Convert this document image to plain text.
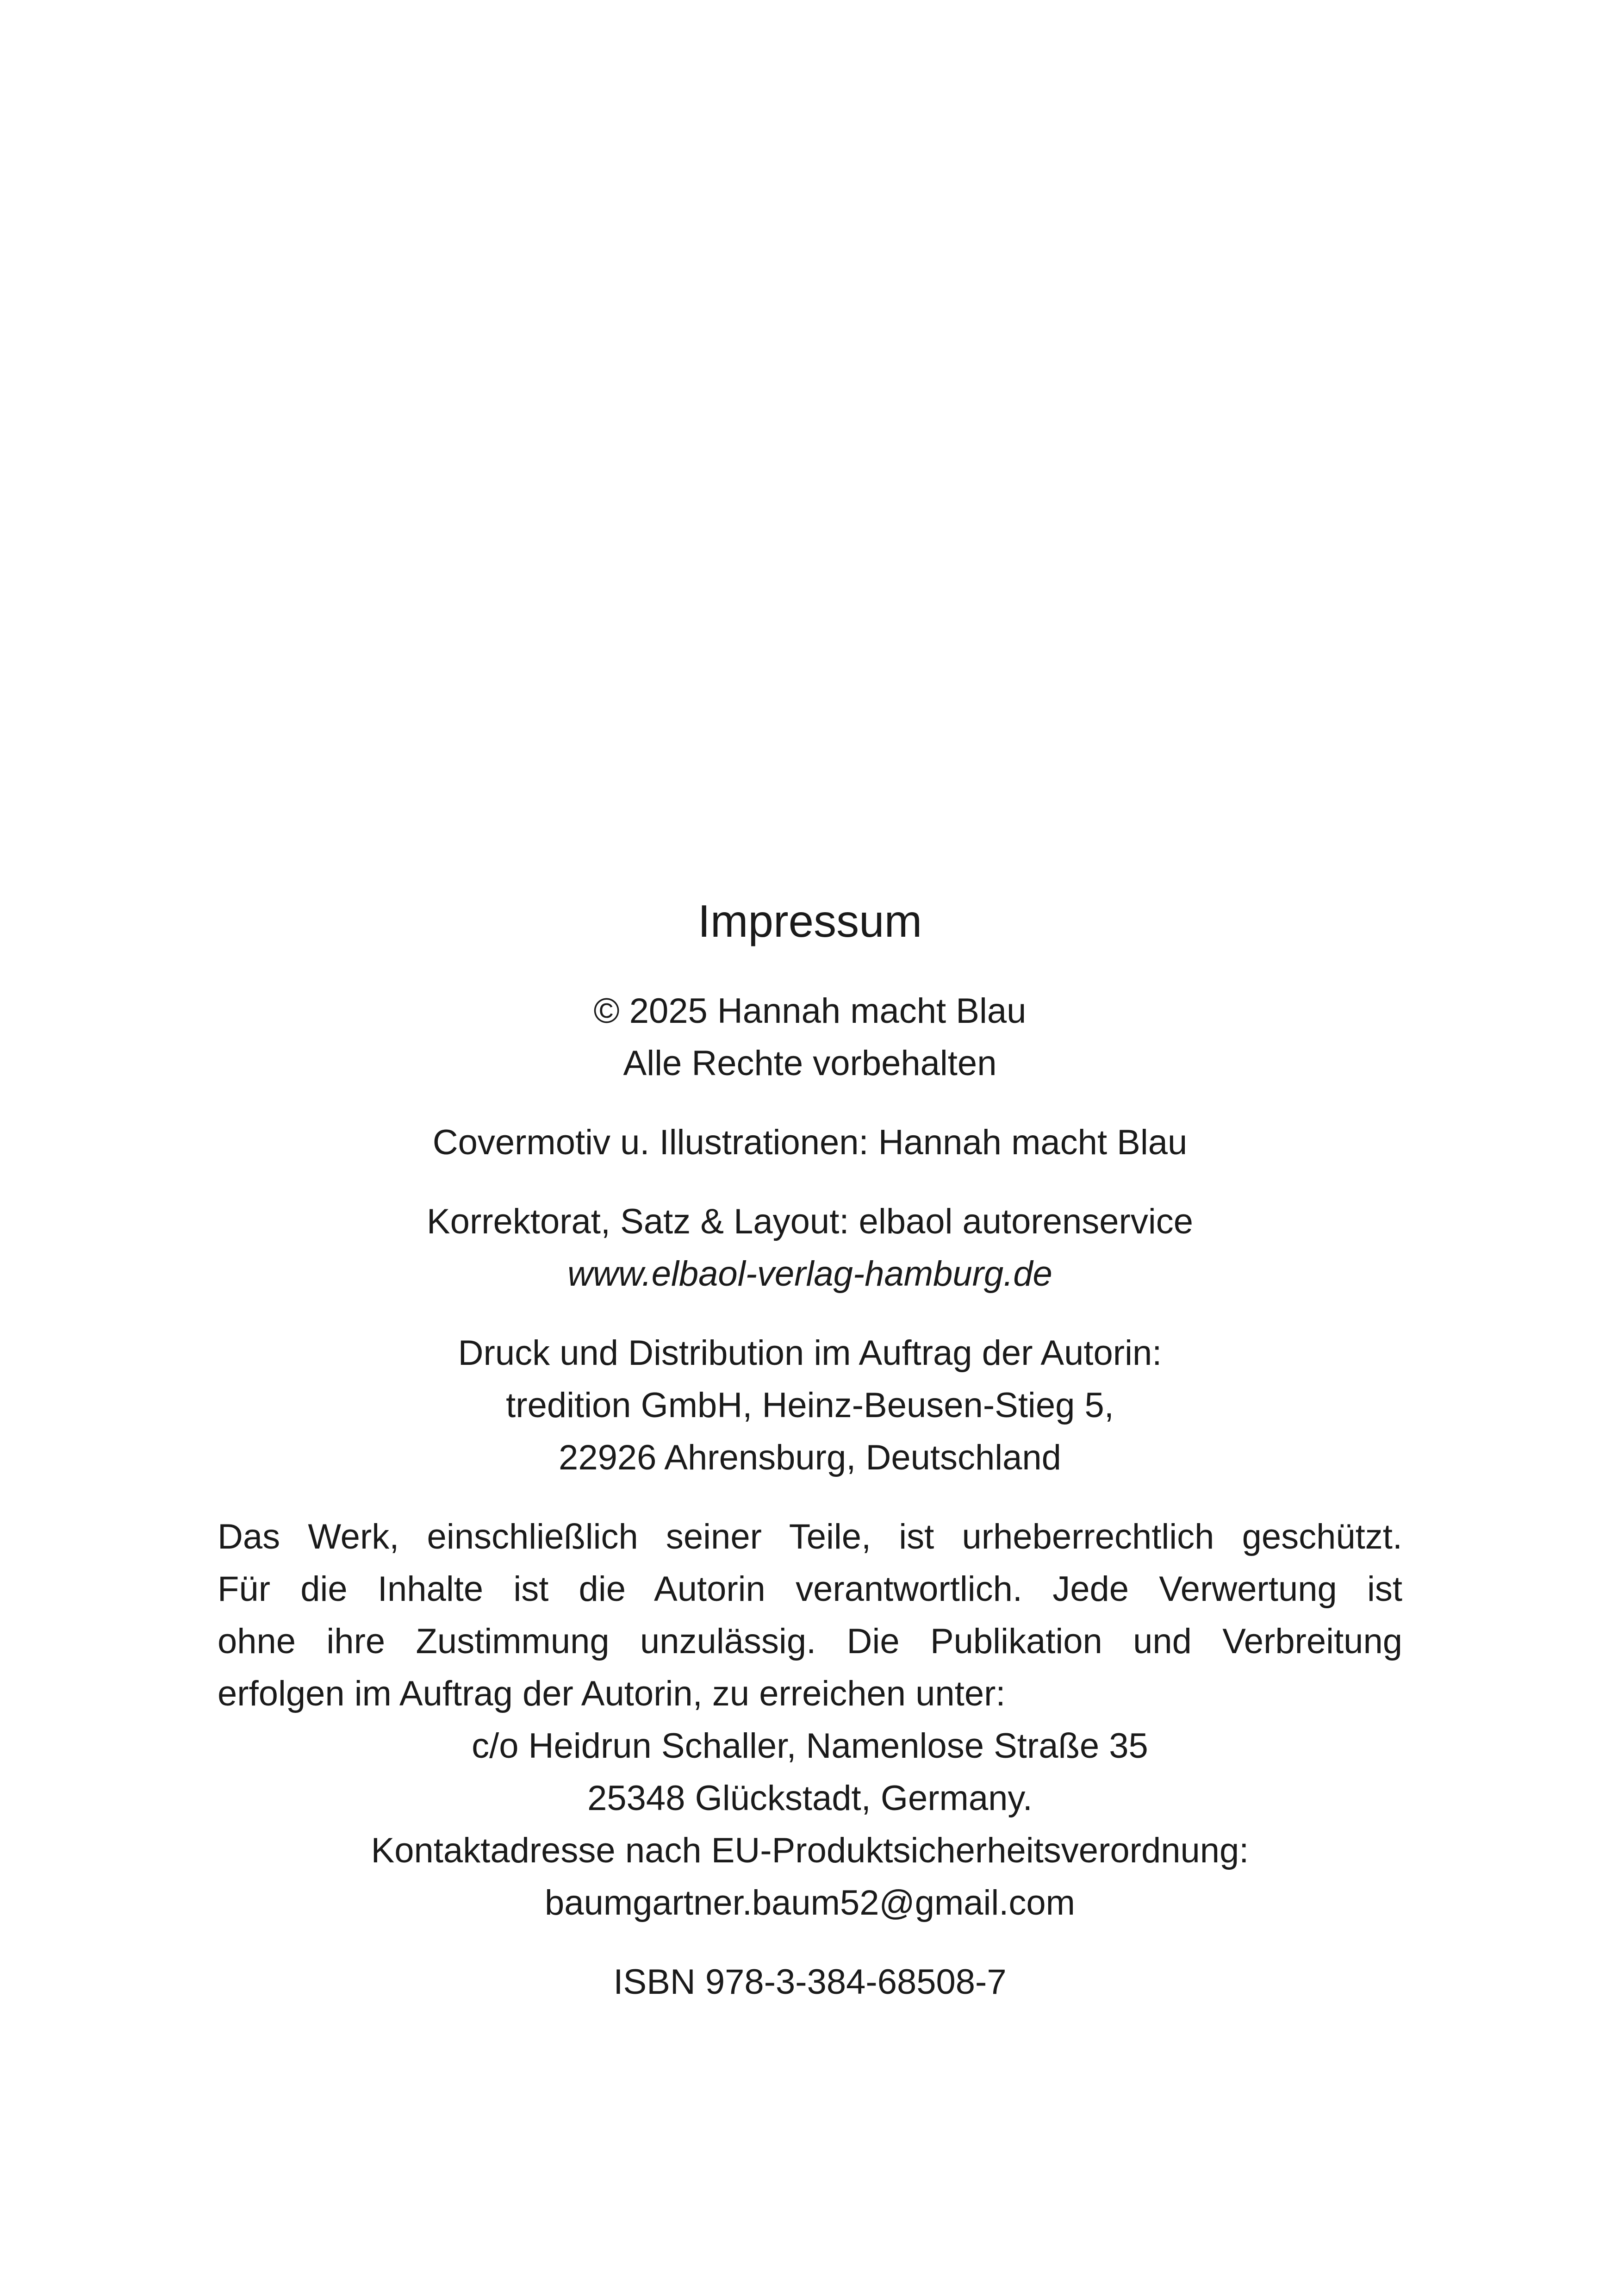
Impressum
© 2025 Hannah macht Blau
Alle Rechte vorbehalten
Covermotiv u. Illustrationen: Hannah macht Blau
Korrektorat, Satz & Layout: elbaol autorenservice
www.elbaol-verlag-hamburg.de
Druck und Distribution im Auftrag der Autorin:
tredition GmbH, Heinz-Beusen-Stieg 5,
22926 Ahrensburg, Deutschland
Das Werk, einschließlich seiner Teile, ist urheberrechtlich geschützt.
Für die Inhalte ist die Autorin verantwortlich. Jede Verwertung ist
ohne ihre Zustimmung unzulässig. Die Publikation und Verbreitung
erfolgen im Auftrag der Autorin, zu erreichen unter:
c/o Heidrun Schaller, Namenlose Straße 35
25348 Glückstadt, Germany.
Kontaktadresse nach EU-Produktsicherheitsverordnung:
baumgartner.baum52@gmail.com
ISBN 978-3-384-68508-7
